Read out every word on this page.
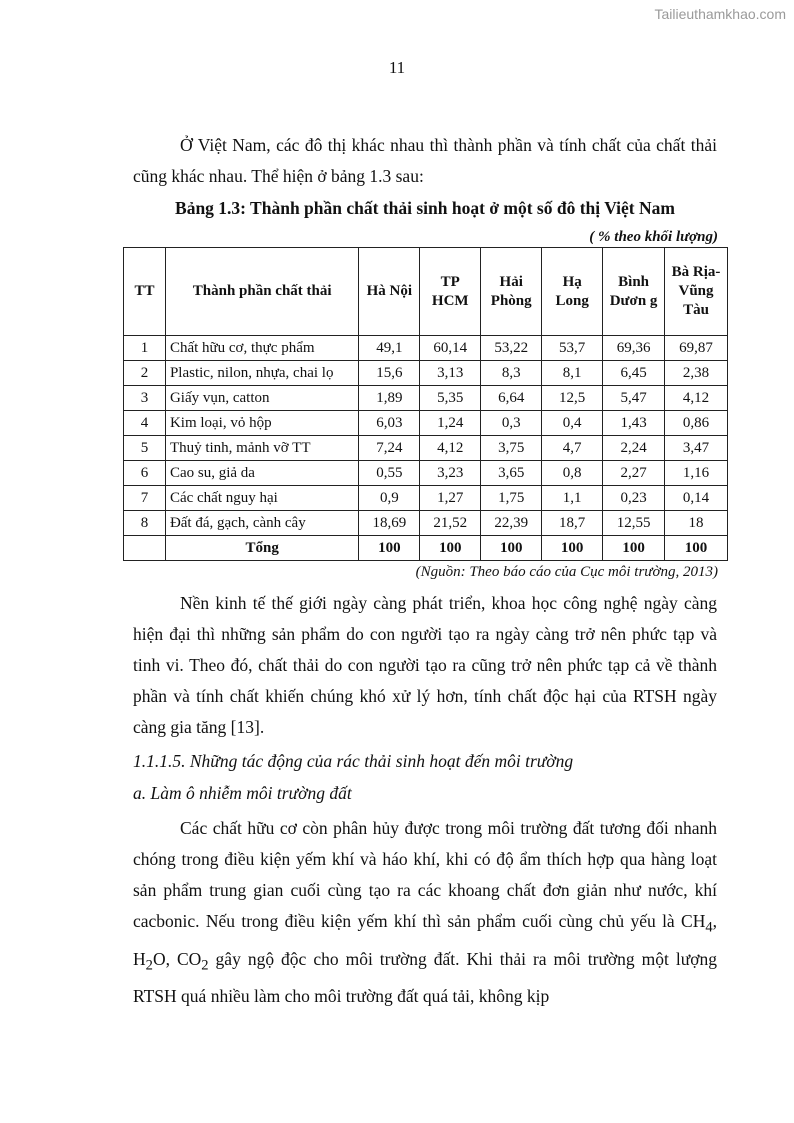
Tailieuthamkhao.com
11

Ở Việt Nam, các đô thị khác nhau thì thành phần và tính chất của chất thải cũng khác nhau. Thể hiện ở bảng 1.3 sau:

Bảng 1.3: Thành phần chất thải sinh hoạt ở một số đô thị Việt Nam
( % theo khối lượng)
TT	Thành phần chất thải	Hà Nội	TP HCM	Hải Phòng	Hạ Long	Bình Dươn g	Bà Rịa-Vũng Tàu
1	Chất hữu cơ, thực phẩm	49,1	60,14	53,22	53,7	69,36	69,87
2	Plastic, nilon, nhựa, chai lọ	15,6	3,13	8,3	8,1	6,45	2,38
3	Giấy vụn, catton	1,89	5,35	6,64	12,5	5,47	4,12
4	Kim loại, vỏ hộp	6,03	1,24	0,3	0,4	1,43	0,86
5	Thuỷ tinh, mảnh vỡ TT	7,24	4,12	3,75	4,7	2,24	3,47
6	Cao su, giả da	0,55	3,23	3,65	0,8	2,27	1,16
7	Các chất nguy hại	0,9	1,27	1,75	1,1	0,23	0,14
8	Đất đá, gạch, cành cây	18,69	21,52	22,39	18,7	12,55	18
	Tổng	100	100	100	100	100	100
(Nguồn: Theo báo cáo của Cục môi trường, 2013)

Nền kinh tế thế giới ngày càng phát triển, khoa học công nghệ ngày càng hiện đại thì những sản phẩm do con người tạo ra ngày càng trở nên phức tạp và tinh vi. Theo đó, chất thải do con người tạo ra cũng trở nên phức tạp cả về thành phần và tính chất khiến chúng khó xử lý hơn, tính chất độc hại của RTSH ngày càng gia tăng [13].

1.1.1.5. Những tác động của rác thải sinh hoạt đến môi trường
a. Làm ô nhiễm môi trường đất

Các chất hữu cơ còn phân hủy được trong môi trường đất tương đối nhanh chóng trong điều kiện yếm khí và háo khí, khi có độ ẩm thích hợp qua hàng loạt sản phẩm trung gian cuối cùng tạo ra các khoang chất đơn giản như nước, khí cacbonic. Nếu trong điều kiện yếm khí thì sản phẩm cuối cùng chủ yếu là $CH_4$, $H_2O$, $CO_2$ gây ngộ độc cho môi trường đất. Khi thải ra môi trường một lượng RTSH quá nhiều làm cho môi trường đất quá tải, không kịp
